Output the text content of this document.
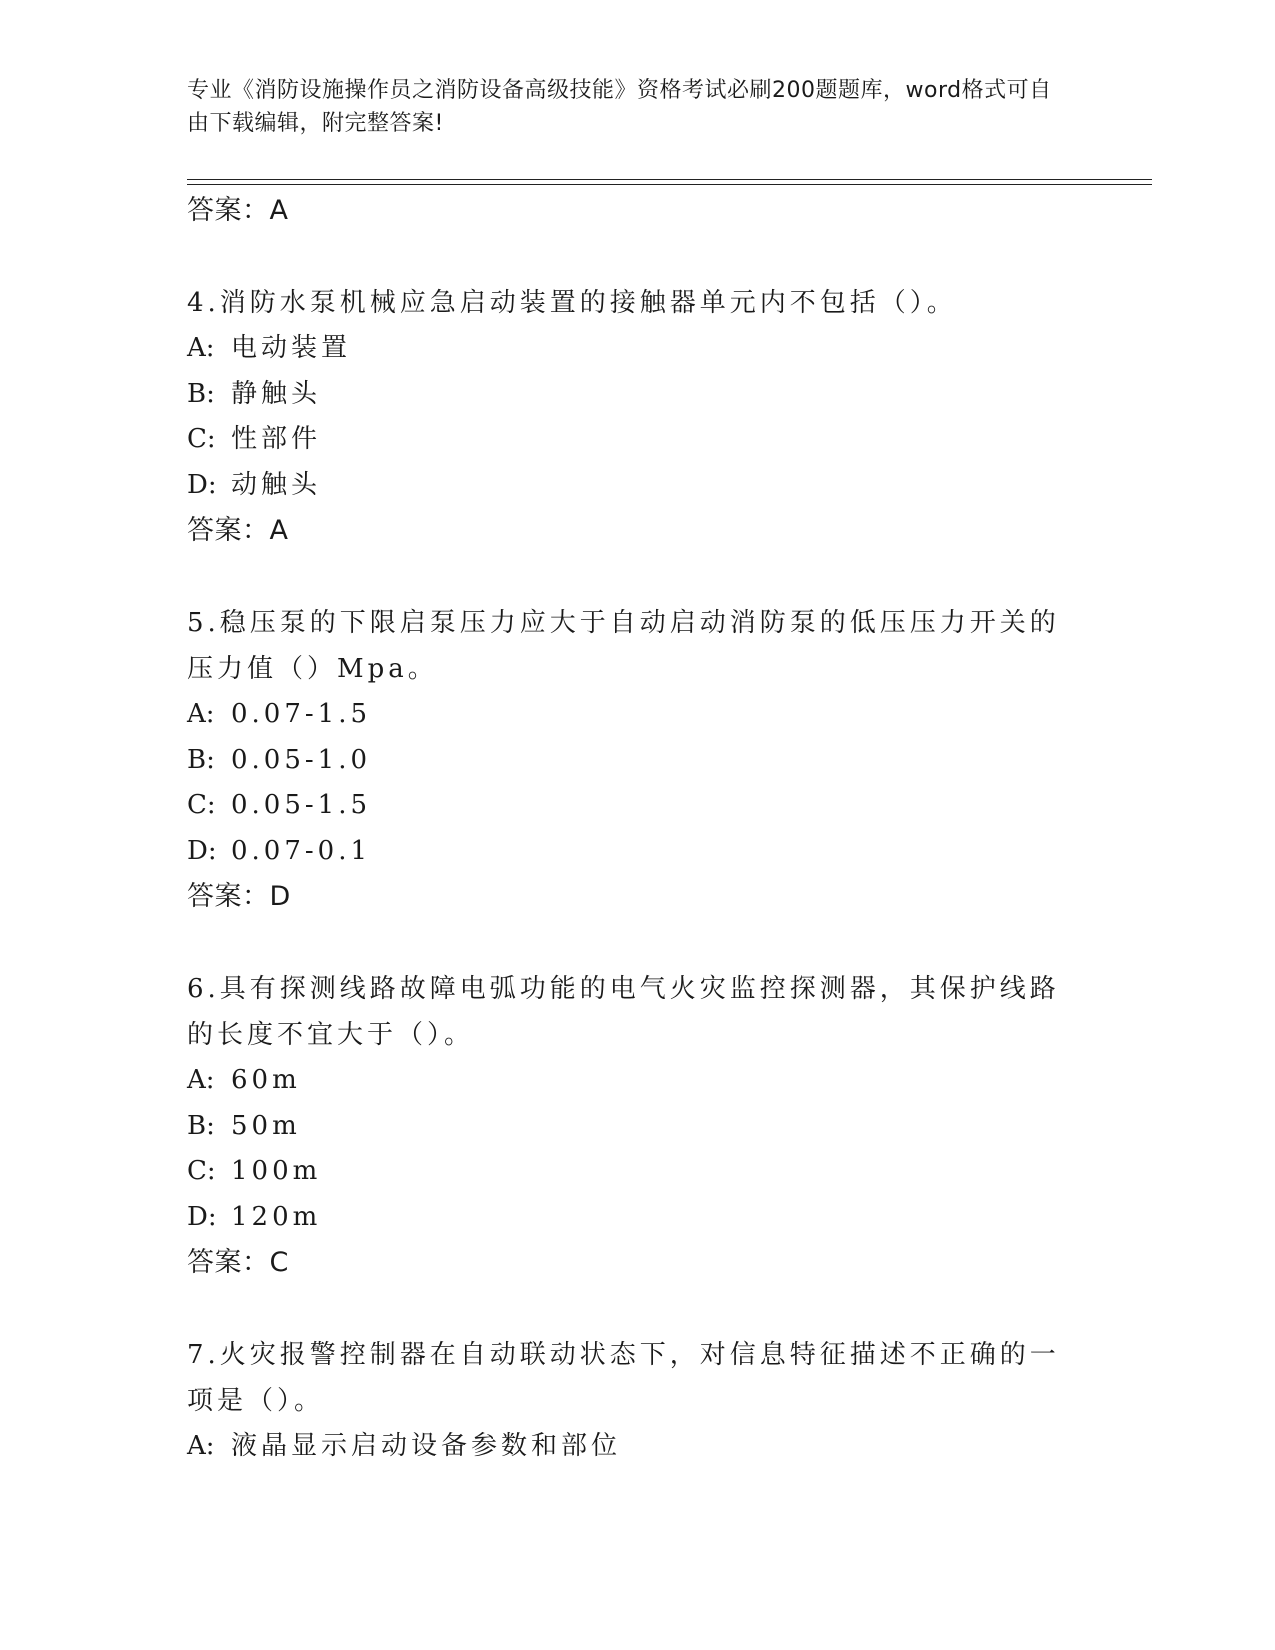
专业《消防设施操作员之消防设备高级技能》资格考试必刷200题题库，word格式可自由下载编辑，附完整答案!
答案：A
4.消防水泵机械应急启动装置的接触器单元内不包括（）。
A: 电动装置
B: 静触头
C: 性部件
D: 动触头
答案：A
5.稳压泵的下限启泵压力应大于自动启动消防泵的低压压力开关的压力值（）Mpa。
A: 0.07-1.5
B: 0.05-1.0
C: 0.05-1.5
D: 0.07-0.1
答案：D
6.具有探测线路故障电弧功能的电气火灾监控探测器，其保护线路的长度不宜大于（）。
A: 60m
B: 50m
C: 100m
D: 120m
答案：C
7.火灾报警控制器在自动联动状态下，对信息特征描述不正确的一项是（）。
A: 液晶显示启动设备参数和部位
